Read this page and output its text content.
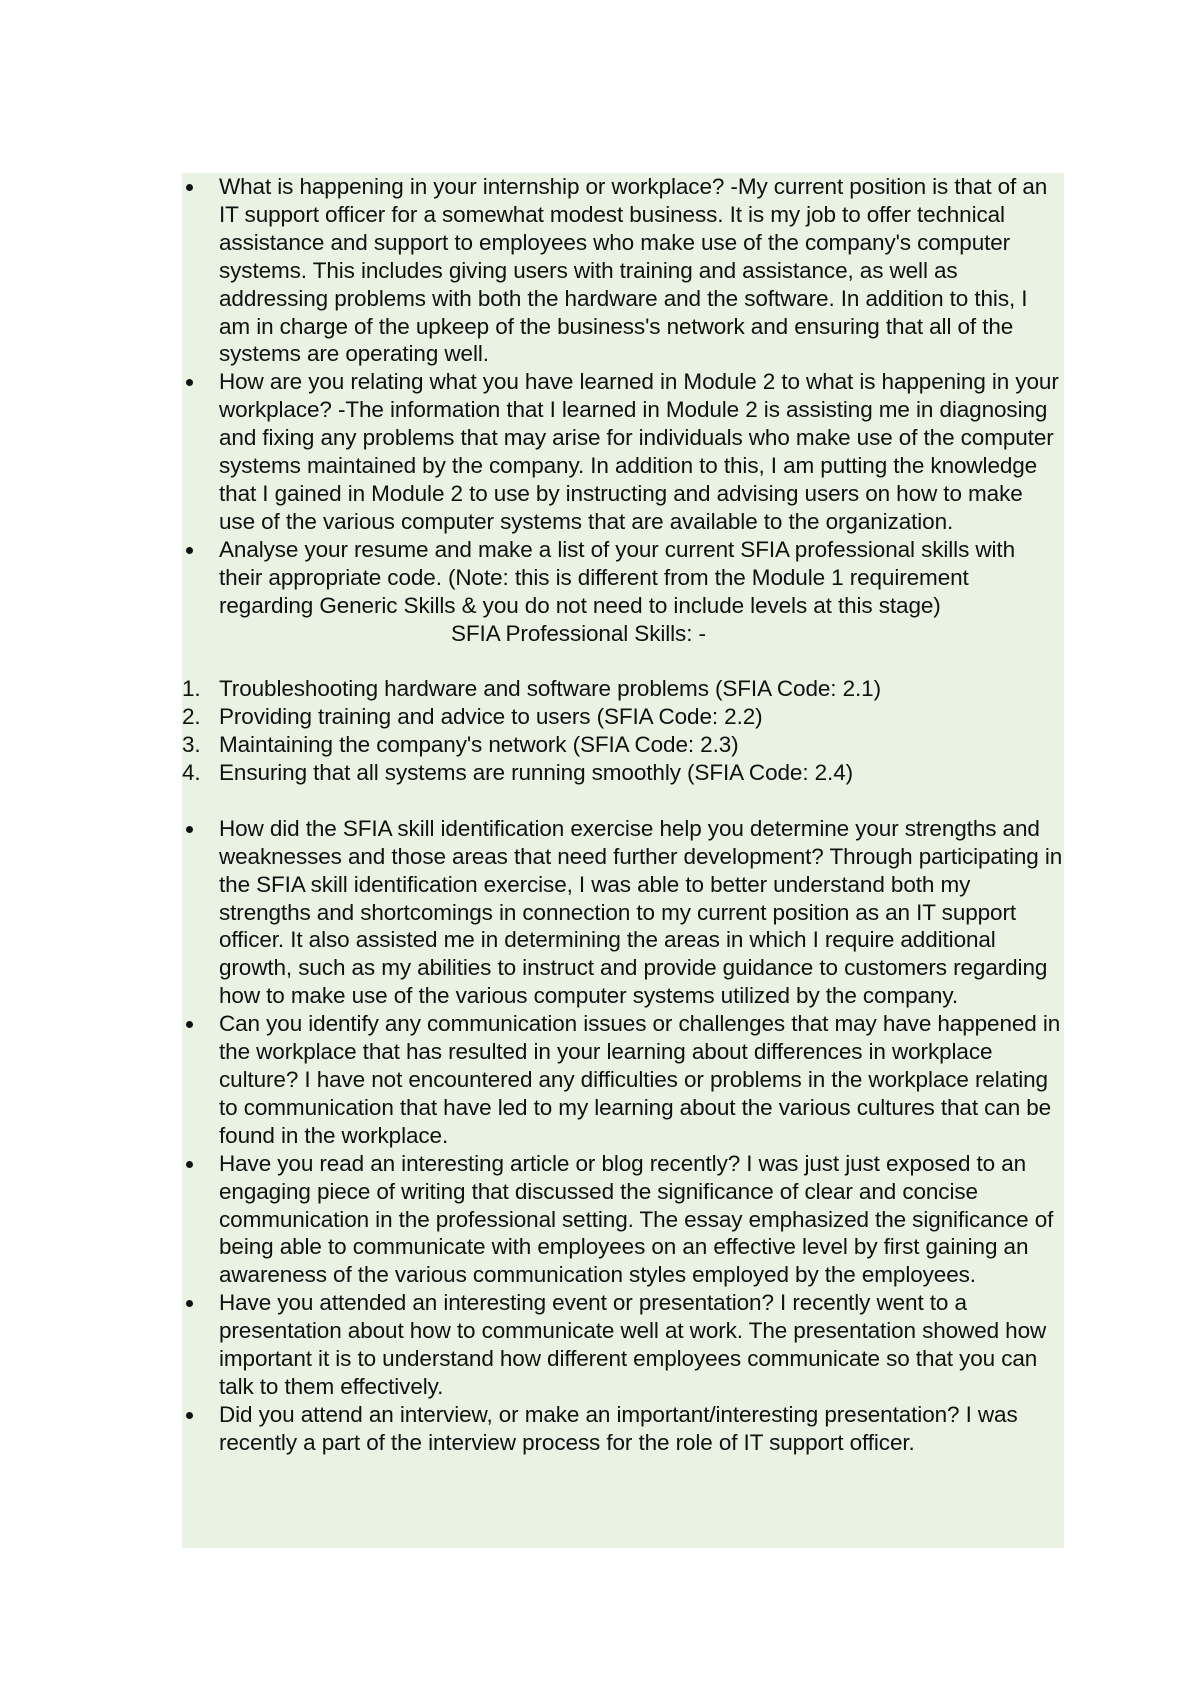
What is happening in your internship or workplace? -My current position is that of an IT support officer for a somewhat modest business. It is my job to offer technical assistance and support to employees who make use of the company's computer systems. This includes giving users with training and assistance, as well as addressing problems with both the hardware and the software. In addition to this, I am in charge of the upkeep of the business's network and ensuring that all of the systems are operating well.
How are you relating what you have learned in Module 2 to what is happening in your workplace? -The information that I learned in Module 2 is assisting me in diagnosing and fixing any problems that may arise for individuals who make use of the computer systems maintained by the company. In addition to this, I am putting the knowledge that I gained in Module 2 to use by instructing and advising users on how to make use of the various computer systems that are available to the organization.
Analyse your resume and make a list of your current SFIA professional skills with their appropriate code. (Note: this is different from the Module 1 requirement regarding Generic Skills & you do not need to include levels at this stage)SFIA Professional Skills: -
1. Troubleshooting hardware and software problems (SFIA Code: 2.1)
2. Providing training and advice to users (SFIA Code: 2.2)
3. Maintaining the company's network (SFIA Code: 2.3)
4. Ensuring that all systems are running smoothly (SFIA Code: 2.4)
How did the SFIA skill identification exercise help you determine your strengths and weaknesses and those areas that need further development? Through participating in the SFIA skill identification exercise, I was able to better understand both my strengths and shortcomings in connection to my current position as an IT support officer. It also assisted me in determining the areas in which I require additional growth, such as my abilities to instruct and provide guidance to customers regarding how to make use of the various computer systems utilized by the company.
Can you identify any communication issues or challenges that may have happened in the workplace that has resulted in your learning about differences in workplace culture? I have not encountered any difficulties or problems in the workplace relating to communication that have led to my learning about the various cultures that can be found in the workplace.
Have you read an interesting article or blog recently? I was just just exposed to an engaging piece of writing that discussed the significance of clear and concise communication in the professional setting. The essay emphasized the significance of being able to communicate with employees on an effective level by first gaining an awareness of the various communication styles employed by the employees.
Have you attended an interesting event or presentation? I recently went to a presentation about how to communicate well at work. The presentation showed how important it is to understand how different employees communicate so that you can talk to them effectively.
Did you attend an interview, or make an important/interesting presentation? I was recently a part of the interview process for the role of IT support officer.
